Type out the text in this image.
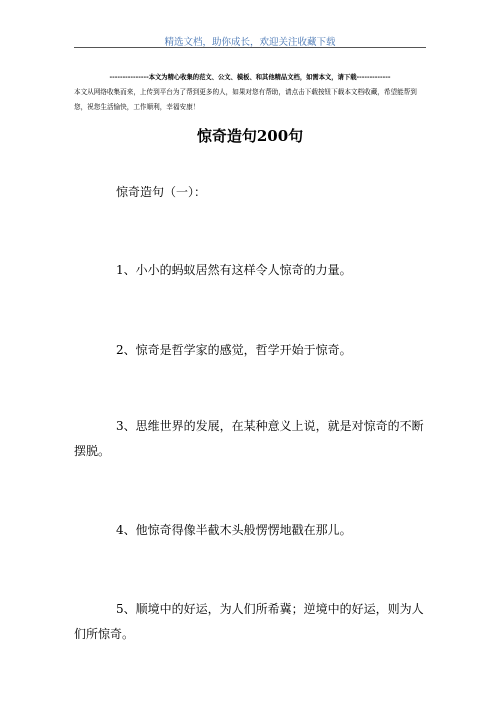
精选文档，助你成长，欢迎关注收藏下载
---------------本文为精心收集的范文、公文、模板、和其他精品文档，如需本文，请下载-------------
本文从网络收集而来，上传到平台为了帮到更多的人，如果对您有帮助，请点击下载按钮下载本文档收藏，希望能帮到您，祝您生活愉快，工作顺利，幸福安康！
惊奇造句200句

惊奇造句（一）：

1、小小的蚂蚁居然有这样令人惊奇的力量。

2、惊奇是哲学家的感觉，哲学开始于惊奇。

3、思维世界的发展，在某种意义上说，就是对惊奇的不断摆脱。

4、他惊奇得像半截木头般愣愣地戳在那儿。

5、顺境中的好运，为人们所希冀；逆境中的好运，则为人们所惊奇。
